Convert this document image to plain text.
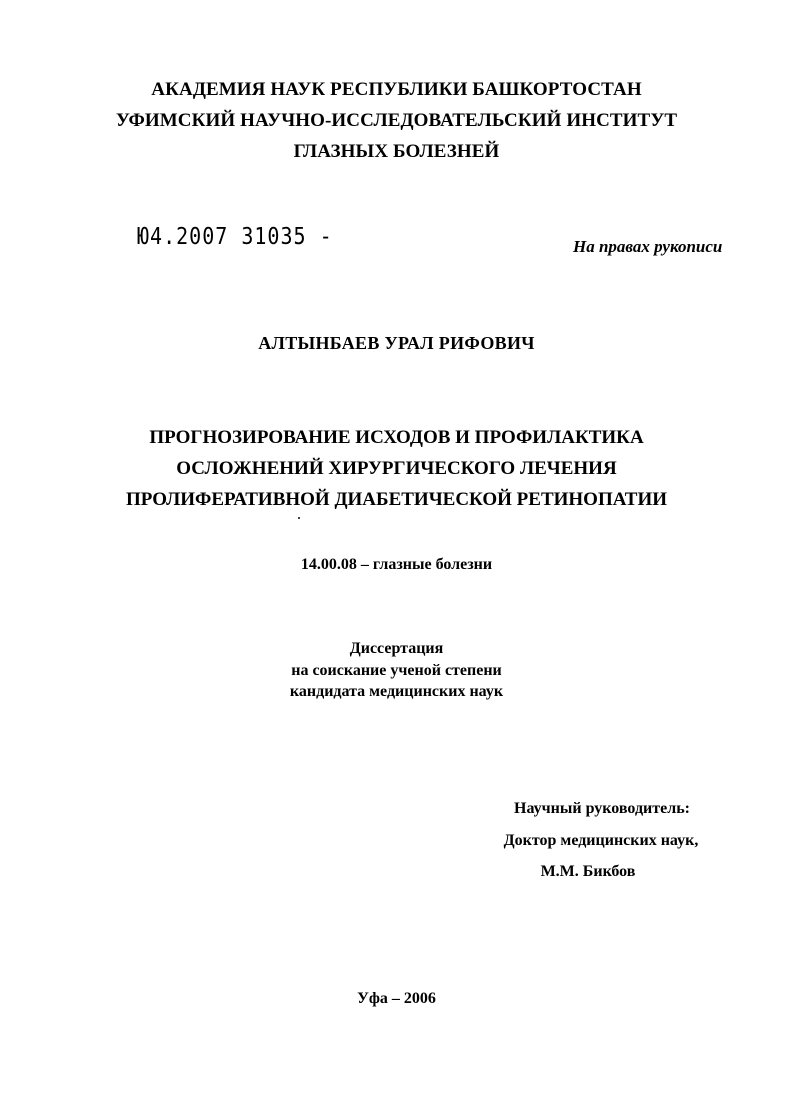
АКАДЕМИЯ НАУК РЕСПУБЛИКИ БАШКОРТОСТАН
УФИМСКИЙ НАУЧНО-ИССЛЕДОВАТЕЛЬСКИЙ ИНСТИТУТ
ГЛАЗНЫХ БОЛЕЗНЕЙ
Ю4.2007 31035 -	На правах рукописи
АЛТЫНБАЕВ УРАЛ РИФОВИЧ
ПРОГНОЗИРОВАНИЕ ИСХОДОВ И ПРОФИЛАКТИКА
ОСЛОЖНЕНИЙ ХИРУРГИЧЕСКОГО ЛЕЧЕНИЯ
ПРОЛИФЕРАТИВНОЙ ДИАБЕТИЧЕСКОЙ РЕТИНОПАТИИ
14.00.08 – глазные болезни
Диссертация
на соискание ученой степени
кандидата медицинских наук
Научный руководитель:
Доктор медицинских наук,
М.М. Бикбов
Уфа – 2006
